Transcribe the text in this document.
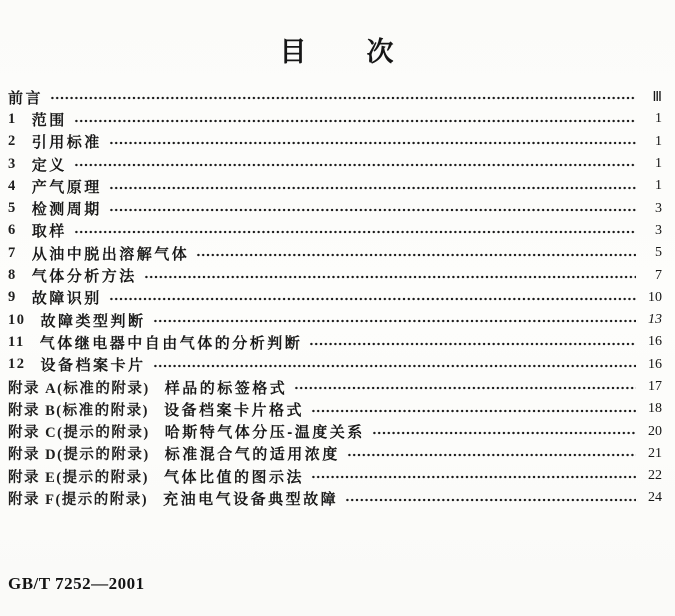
目　　次
前言	Ⅲ
1 范围	1
2 引用标准	1
3 定义	1
4 产气原理	1
5 检测周期	3
6 取样	3
7 从油中脱出溶解气体	5
8 气体分析方法	7
9 故障识别	10
10 故障类型判断	13
11 气体继电器中自由气体的分析判断	16
12 设备档案卡片	16
附录 A(标准的附录) 样品的标签格式	17
附录 B(标准的附录) 设备档案卡片格式	18
附录 C(提示的附录) 哈斯特气体分压-温度关系	20
附录 D(提示的附录) 标准混合气的适用浓度	21
附录 E(提示的附录) 气体比值的图示法	22
附录 F(提示的附录) 充油电气设备典型故障	24
GB/T 7252—2001
